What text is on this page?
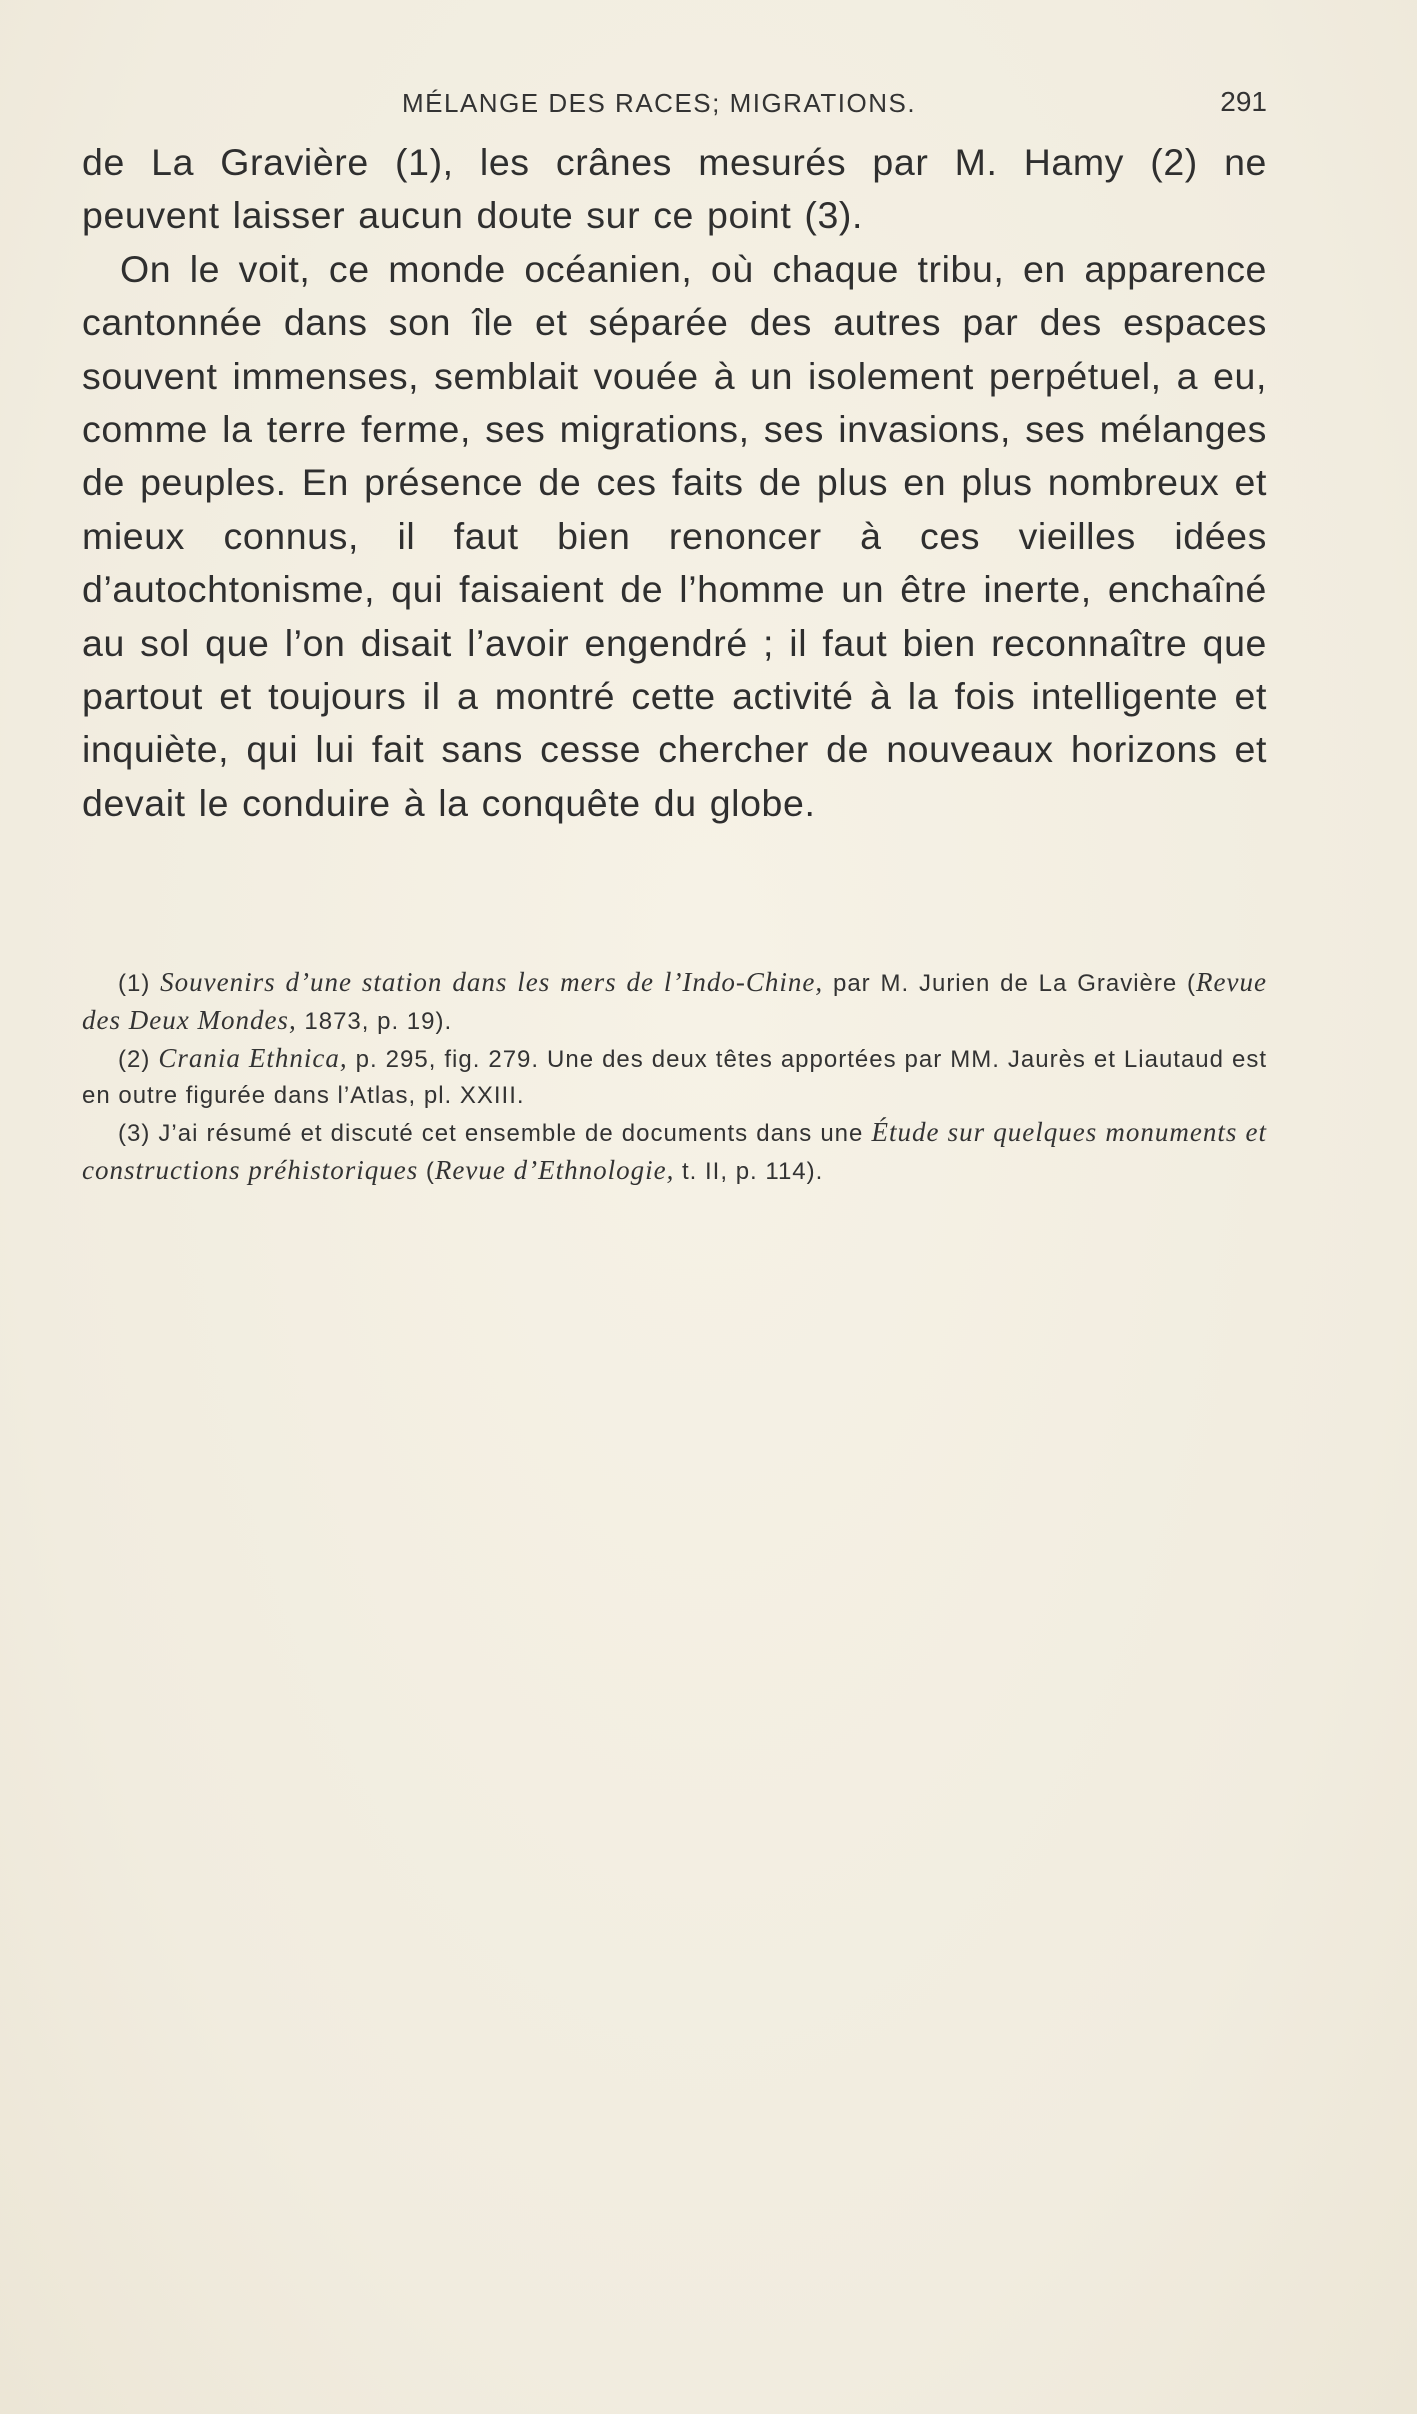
MÉLANGE DES RACES; MIGRATIONS.	291

de La Gravière (1), les crânes mesurés par M. Hamy (2) ne peuvent laisser aucun doute sur ce point (3).

On le voit, ce monde océanien, où chaque tribu, en apparence cantonnée dans son île et séparée des autres par des espaces souvent immenses, semblait vouée à un isolement perpétuel, a eu, comme la terre ferme, ses migrations, ses invasions, ses mélanges de peuples. En présence de ces faits de plus en plus nombreux et mieux connus, il faut bien renoncer à ces vieilles idées d’autochtonisme, qui faisaient de l’homme un être inerte, enchaîné au sol que l’on disait l’avoir engendré ; il faut bien reconnaître que partout et toujours il a montré cette activité à la fois intelligente et inquiète, qui lui fait sans cesse chercher de nouveaux horizons et devait le conduire à la conquête du globe.

(1) Souvenirs d’une station dans les mers de l’Indo-Chine, par M. Jurien de La Gravière (Revue des Deux Mondes, 1873, p. 19).

(2) Crania Ethnica, p. 295, fig. 279. Une des deux têtes apportées par MM. Jaurès et Liautaud est en outre figurée dans l’Atlas, pl. XXIII.

(3) J’ai résumé et discuté cet ensemble de documents dans une Étude sur quelques monuments et constructions préhistoriques (Revue d’Ethnologie, t. II, p. 114).
